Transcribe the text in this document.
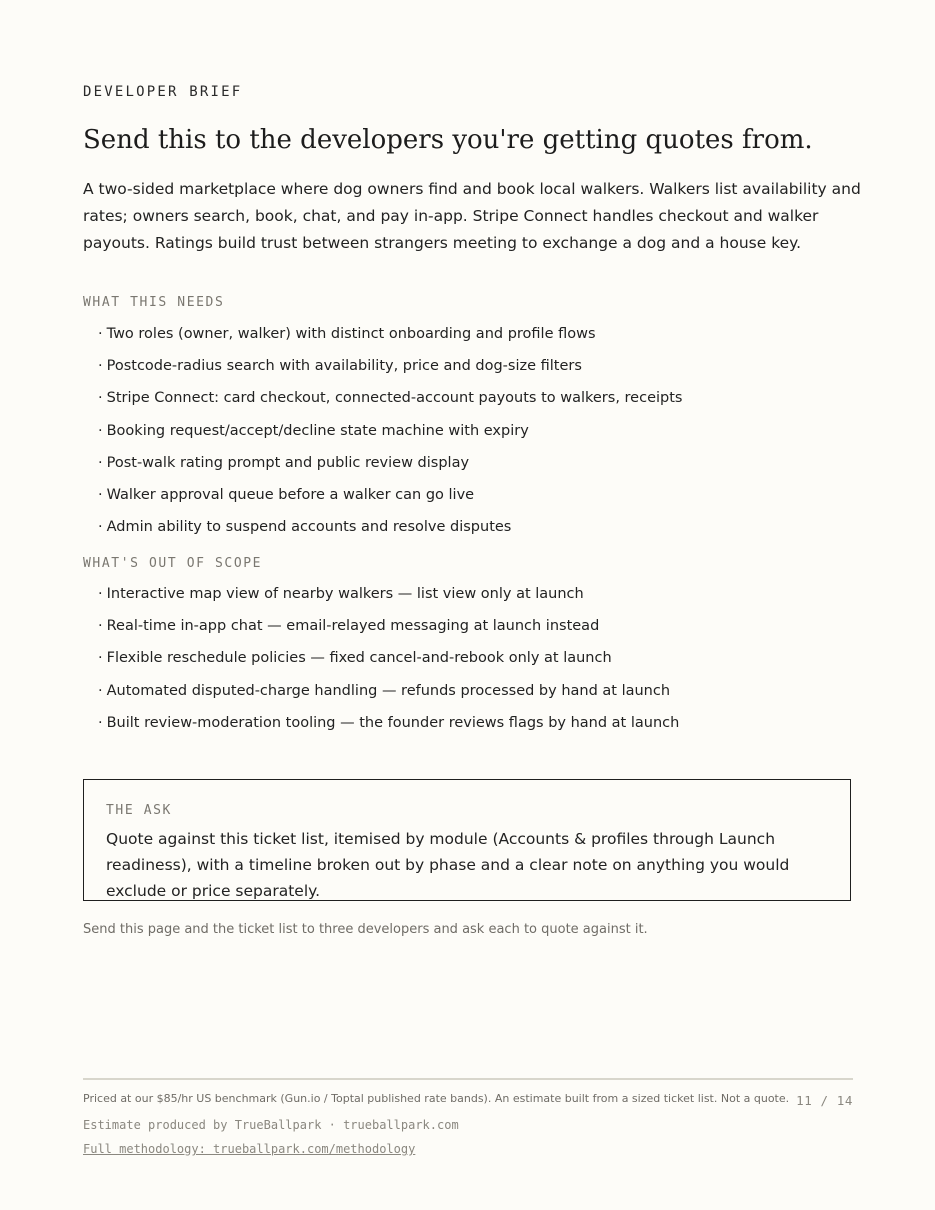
DEVELOPER BRIEF
Send this to the developers you're getting quotes from.

A two-sided marketplace where dog owners find and book local walkers. Walkers list availability and rates; owners search, book, chat, and pay in-app. Stripe Connect handles checkout and walker payouts. Ratings build trust between strangers meeting to exchange a dog and a house key.

WHAT THIS NEEDS
· Two roles (owner, walker) with distinct onboarding and profile flows
· Postcode-radius search with availability, price and dog-size filters
· Stripe Connect: card checkout, connected-account payouts to walkers, receipts
· Booking request/accept/decline state machine with expiry
· Post-walk rating prompt and public review display
· Walker approval queue before a walker can go live
· Admin ability to suspend accounts and resolve disputes
WHAT'S OUT OF SCOPE
· Interactive map view of nearby walkers — list view only at launch
· Real-time in-app chat — email-relayed messaging at launch instead
· Flexible reschedule policies — fixed cancel-and-rebook only at launch
· Automated disputed-charge handling — refunds processed by hand at launch
· Built review-moderation tooling — the founder reviews flags by hand at launch
THE ASK

Quote against this ticket list, itemised by module (Accounts & profiles through Launch readiness), with a timeline broken out by phase and a clear note on anything you would exclude or price separately.

Send this page and the ticket list to three developers and ask each to quote against it.
Priced at our $85/hr US benchmark (Gun.io / Toptal published rate bands). An estimate built from a sized ticket list. Not a quote. 11 / 14
Estimate produced by TrueBallpark · trueballpark.com
Full methodology: trueballpark.com/methodology
